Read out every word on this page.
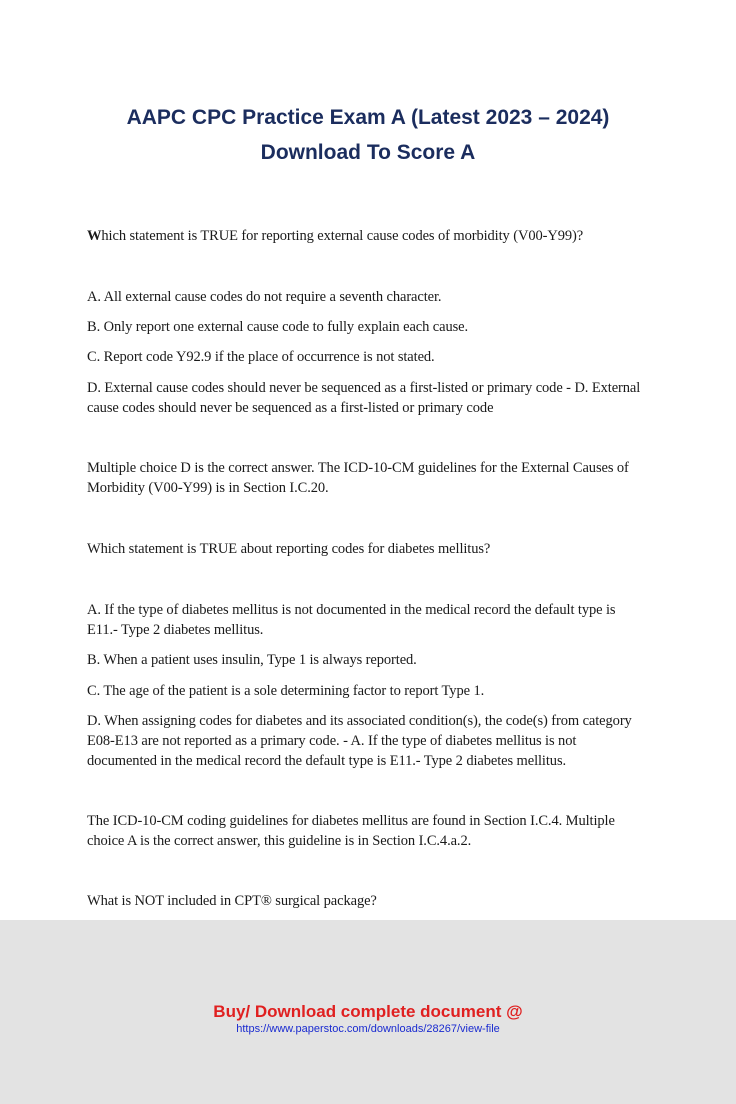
AAPC CPC Practice Exam A (Latest 2023 – 2024)
Download To Score A
Which statement is TRUE for reporting external cause codes of morbidity (V00-Y99)?
A. All external cause codes do not require a seventh character.
B. Only report one external cause code to fully explain each cause.
C. Report code Y92.9 if the place of occurrence is not stated.
D. External cause codes should never be sequenced as a first-listed or primary code - D. External cause codes should never be sequenced as a first-listed or primary code
Multiple choice D is the correct answer. The ICD-10-CM guidelines for the External Causes of Morbidity (V00-Y99) is in Section I.C.20.
Which statement is TRUE about reporting codes for diabetes mellitus?
A. If the type of diabetes mellitus is not documented in the medical record the default type is E11.- Type 2 diabetes mellitus.
B. When a patient uses insulin, Type 1 is always reported.
C. The age of the patient is a sole determining factor to report Type 1.
D. When assigning codes for diabetes and its associated condition(s), the code(s) from category E08-E13 are not reported as a primary code. - A. If the type of diabetes mellitus is not documented in the medical record the default type is E11.- Type 2 diabetes mellitus.
The ICD-10-CM coding guidelines for diabetes mellitus are found in Section I.C.4. Multiple choice A is the correct answer, this guideline is in Section I.C.4.a.2.
What is NOT included in CPT® surgical package?
Buy/ Download complete document @
https://www.paperstoc.com/downloads/28267/view-file
